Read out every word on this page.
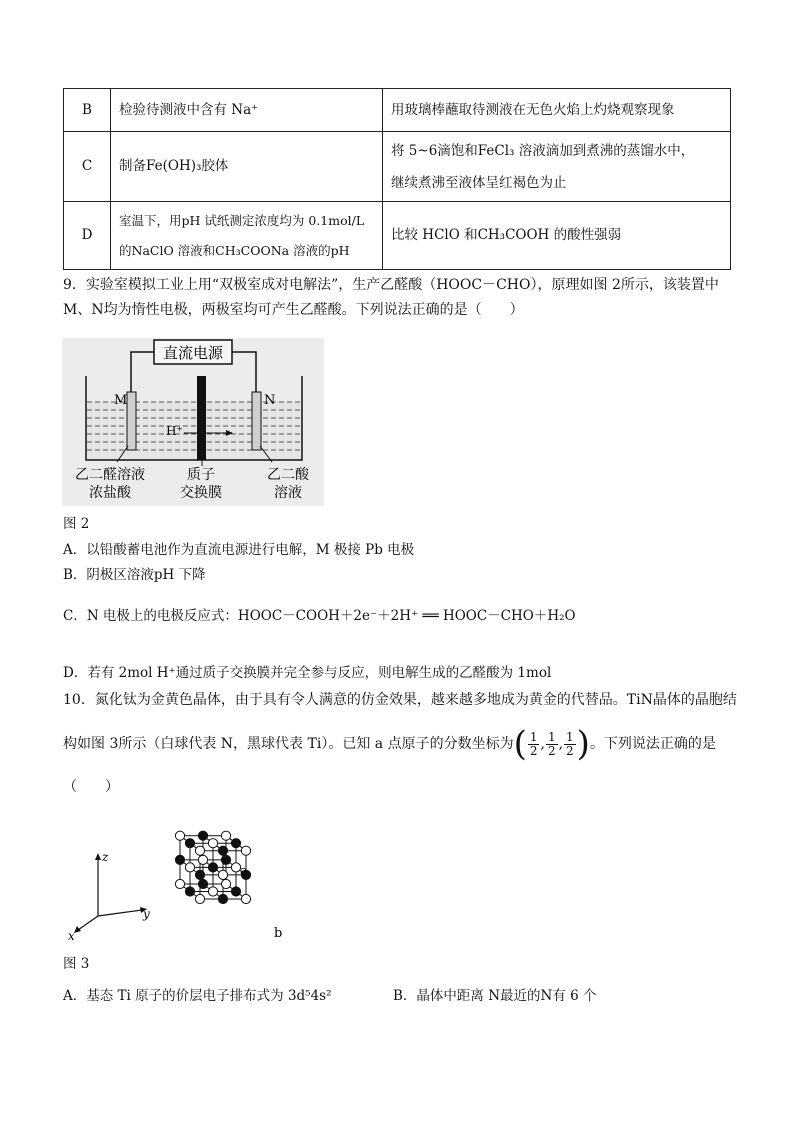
B	检验待测液中含有 Na⁺	用玻璃棒蘸取待测液在无色火焰上灼烧观察现象
C	制备Fe(OH)₃胶体	将 5~6滴饱和FeCl₃ 溶液滴加到煮沸的蒸馏水中，
继续煮沸至液体呈红褐色为止

D	室温下，用pH 试纸测定浓度均为 0.1mol/L
的NaClO 溶液和CH₃COONa 溶液的pH	比较 HClO 和CH₃COOH 的酸性强弱
9．实验室模拟工业上用“双极室成对电解法”，生产乙醛酸（HOOC－CHO），原理如图 2所示，该装置中
M、N均为惰性电极，两极室均可产生乙醛酸。下列说法正确的是（　　）
直流电源
M	N
H⁺
乙二醛溶液
浓盐酸
质子
交换膜
乙二酸
溶液
图 2
A．以铅酸蓄电池作为直流电源进行电解，M 极接 Pb 电极
B．阴极区溶液pH 下降
C．N 电极上的电极反应式：HOOC－COOH＋2e⁻＋2H⁺ ══ HOOC－CHO＋H₂O
D．若有 2mol H⁺通过质子交换膜并完全参与反应，则电解生成的乙醛酸为 1mol
10．氮化钛为金黄色晶体，由于具有令人满意的仿金效果，越来越多地成为黄金的代替品。TiN晶体的晶胞结
构如图 3所示（白球代表 N，黑球代表 Ti）。已知 a 点原子的分数坐标为 ( $\frac{1}{2}$ , $\frac{1}{2}$ , $\frac{1}{2}$ ) 。下列说法正确的是
（　　）
z
y
x
a
b
图 3
A．基态 Ti 原子的价层电子排布式为 3d⁵4s²	B．晶体中距离 N最近的N有 6 个
